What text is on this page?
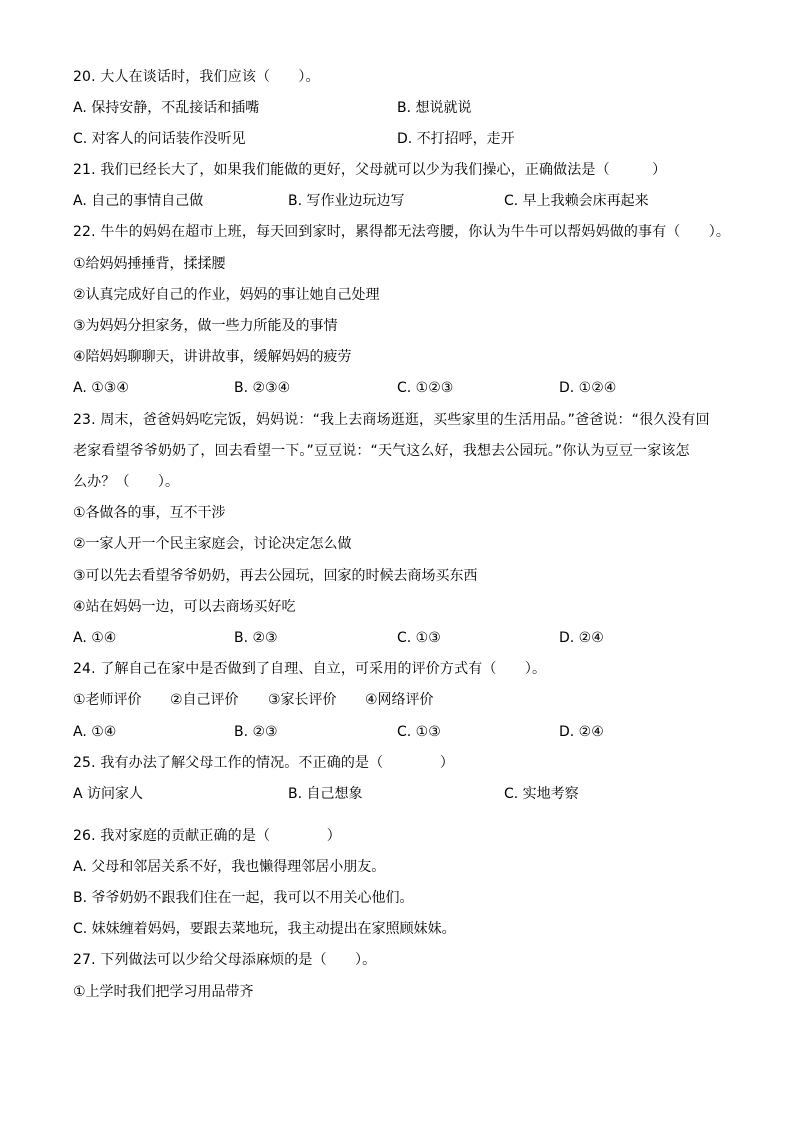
20. 大人在谈话时，我们应该（　　）。
A. 保持安静，不乱接话和插嘴	B. 想说就说
C. 对客人的问话装作没听见	D. 不打招呼，走开
21. 我们已经长大了，如果我们能做的更好，父母就可以少为我们操心，正确做法是（　　　）
A. 自己的事情自己做	B. 写作业边玩边写	C. 早上我赖会床再起来
22. 牛牛的妈妈在超市上班，每天回到家时，累得都无法弯腰，你认为牛牛可以帮妈妈做的事有（　　）。
①给妈妈捶捶背，揉揉腰
②认真完成好自己的作业，妈妈的事让她自己处理
③为妈妈分担家务，做一些力所能及的事情
④陪妈妈聊聊天，讲讲故事，缓解妈妈的疲劳
A. ①③④	B. ②③④	C. ①②③	D. ①②④
23. 周末，爸爸妈妈吃完饭，妈妈说：“我上去商场逛逛，买些家里的生活用品。”爸爸说：“很久没有回
老家看望爷爷奶奶了，回去看望一下。”豆豆说：“天气这么好，我想去公园玩。”你认为豆豆一家该怎
么办？（　　）。
①各做各的事，互不干涉
②一家人开一个民主家庭会，讨论决定怎么做
③可以先去看望爷爷奶奶，再去公园玩，回家的时候去商场买东西
④站在妈妈一边，可以去商场买好吃
A. ①④	B. ②③	C. ①③	D. ②④
24. 了解自己在家中是否做到了自理、自立，可采用的评价方式有（　　）。
①老师评价 ②自己评价 ③家长评价 ④网络评价
A. ①④	B. ②③	C. ①③	D. ②④
25. 我有办法了解父母工作的情况。不正确的是（　　　　）
A 访问家人	B. 自己想象	C. 实地考察
26. 我对家庭的贡献正确的是（　　　　）
A. 父母和邻居关系不好，我也懒得理邻居小朋友。
B. 爷爷奶奶不跟我们住在一起，我可以不用关心他们。
C. 妹妹缠着妈妈，要跟去菜地玩，我主动提出在家照顾妹妹。
27. 下列做法可以少给父母添麻烦的是（　　）。
①上学时我们把学习用品带齐
